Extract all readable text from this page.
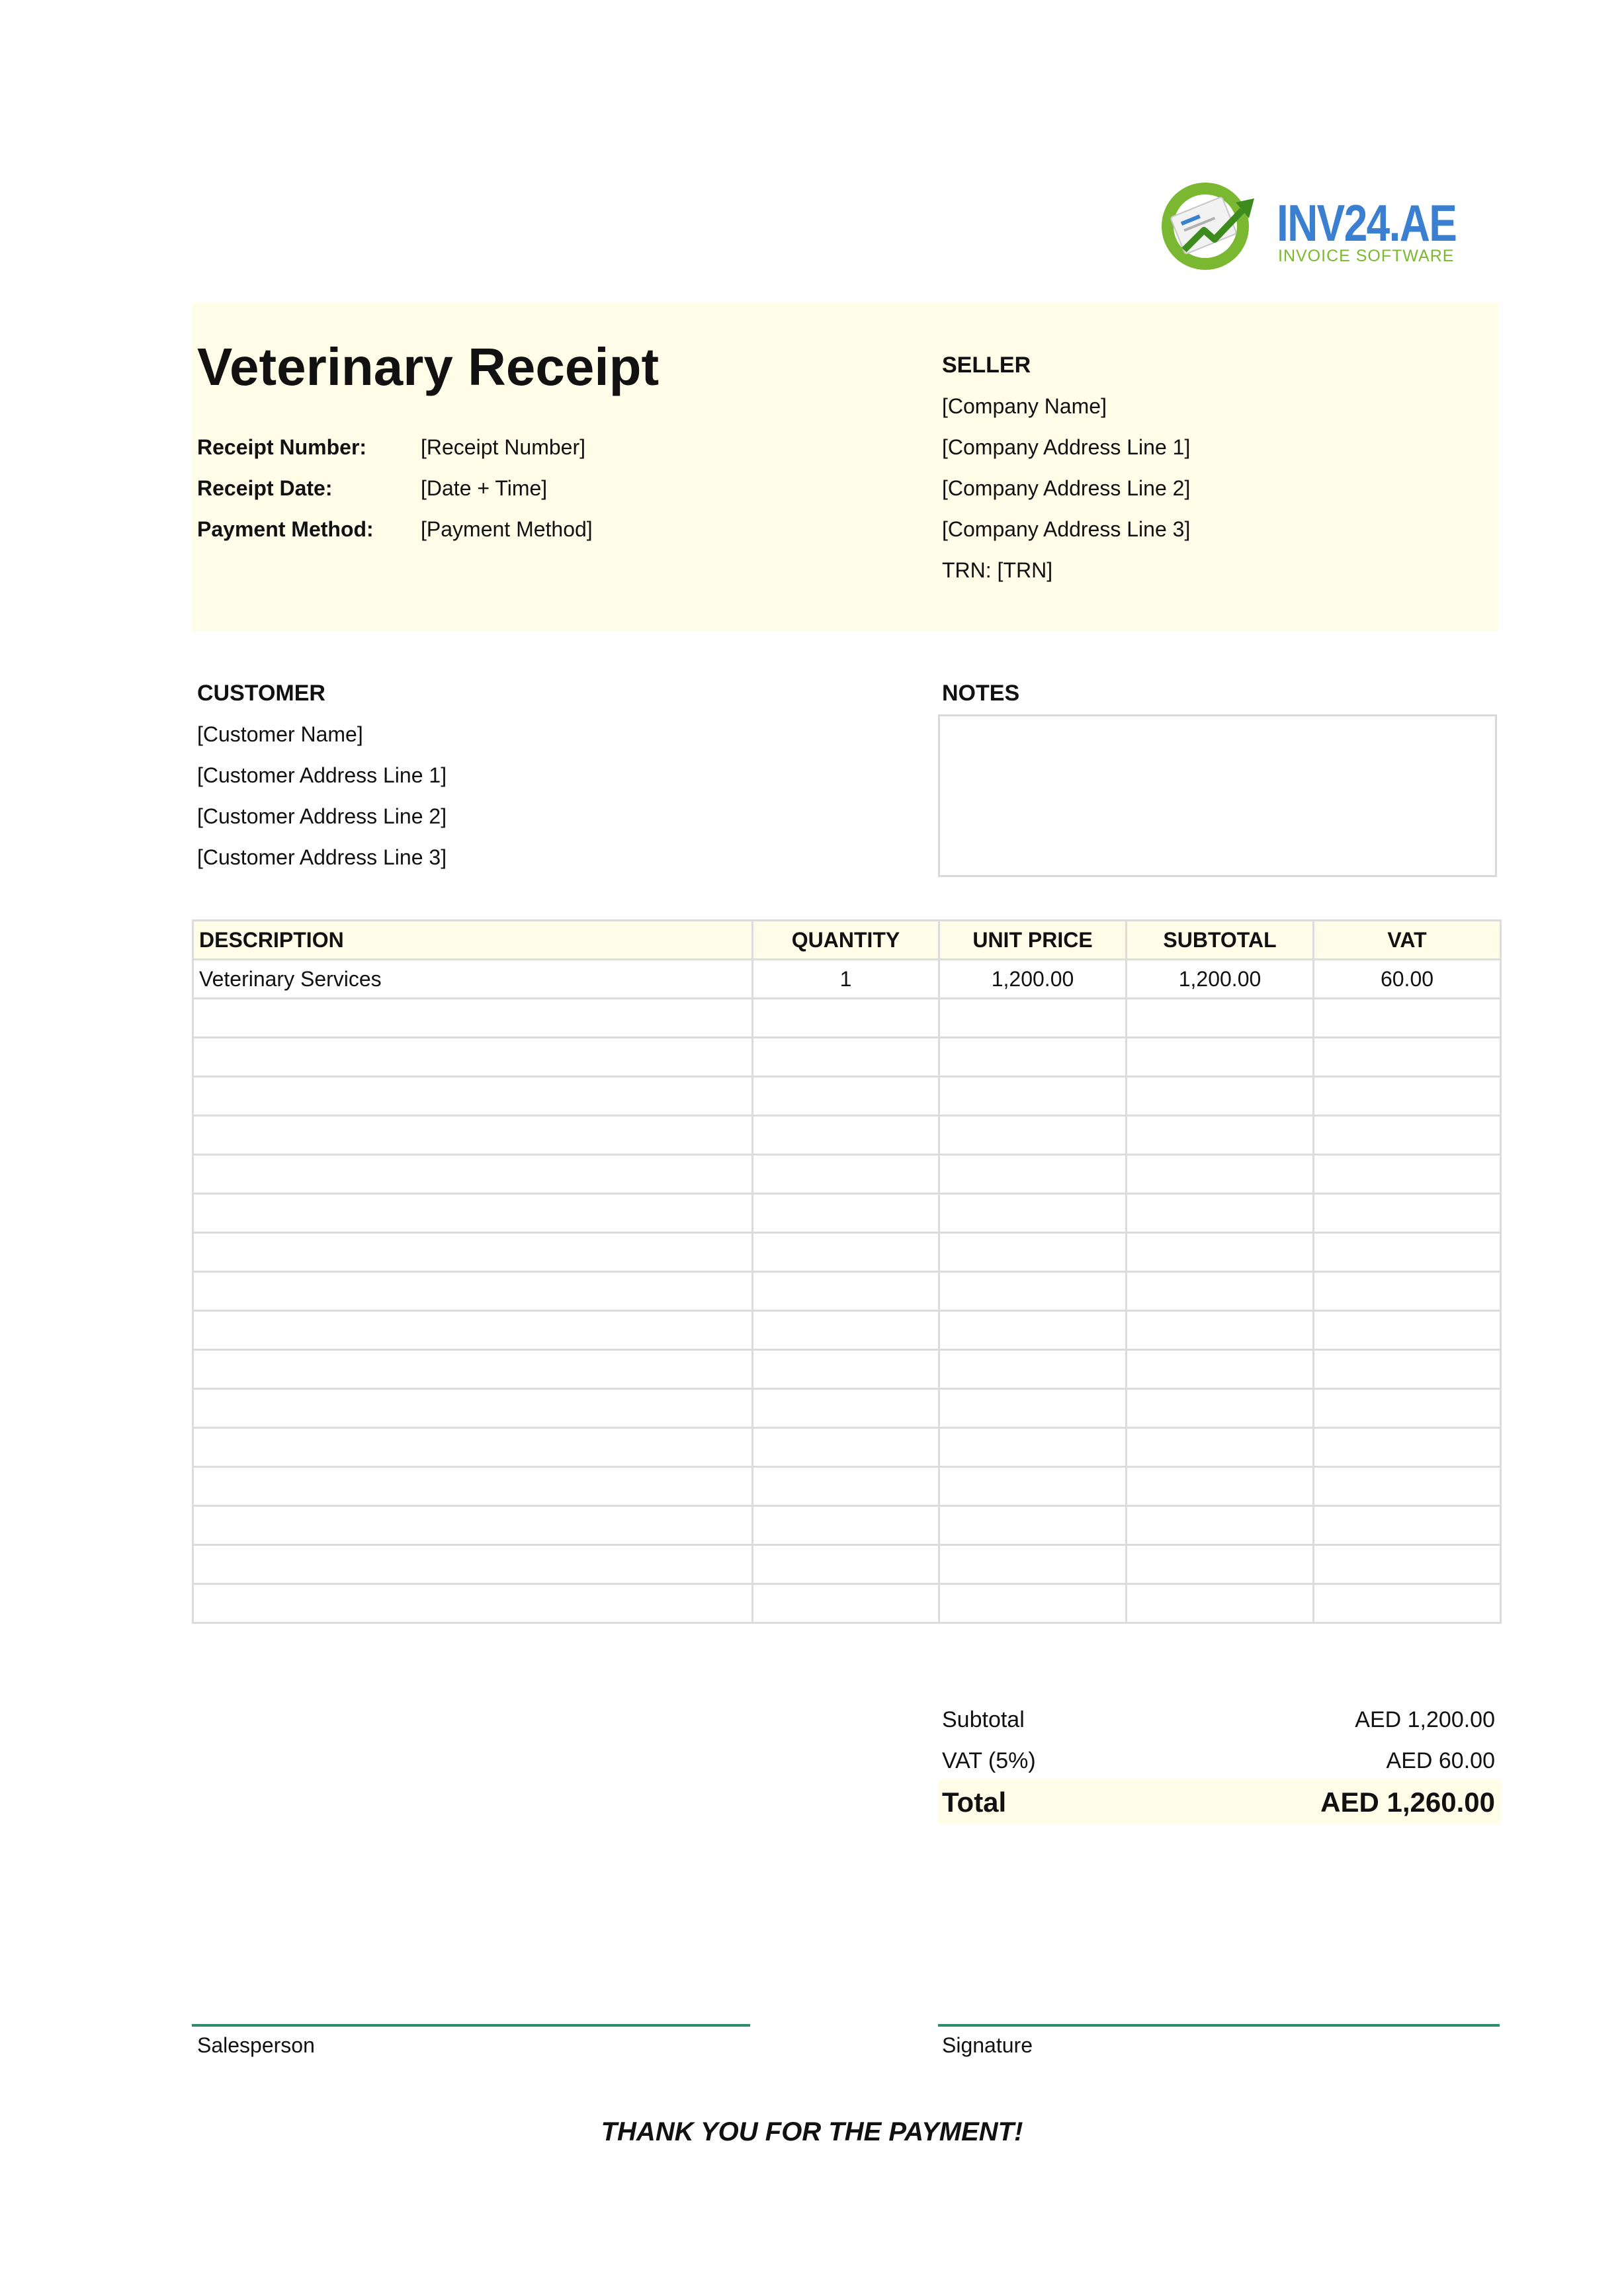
INV24.AE
INVOICE SOFTWARE
Veterinary Receipt
Receipt Number:	[Receipt Number]
Receipt Date:	[Date + Time]
Payment Method: [Payment Method]
SELLER
[Company Name]
[Company Address Line 1]
[Company Address Line 2]
[Company Address Line 3]
TRN: [TRN]
CUSTOMER
[Customer Name]
[Customer Address Line 1]
[Customer Address Line 2]
[Customer Address Line 3]
NOTES
DESCRIPTION	QUANTITY	UNIT PRICE	SUBTOTAL	VAT
Veterinary Services	1	1,200.00	1,200.00	60.00

Subtotal	AED 1,200.00
VAT (5%)	AED 60.00
Total	AED 1,260.00
Salesperson	Signature
THANK YOU FOR THE PAYMENT!
